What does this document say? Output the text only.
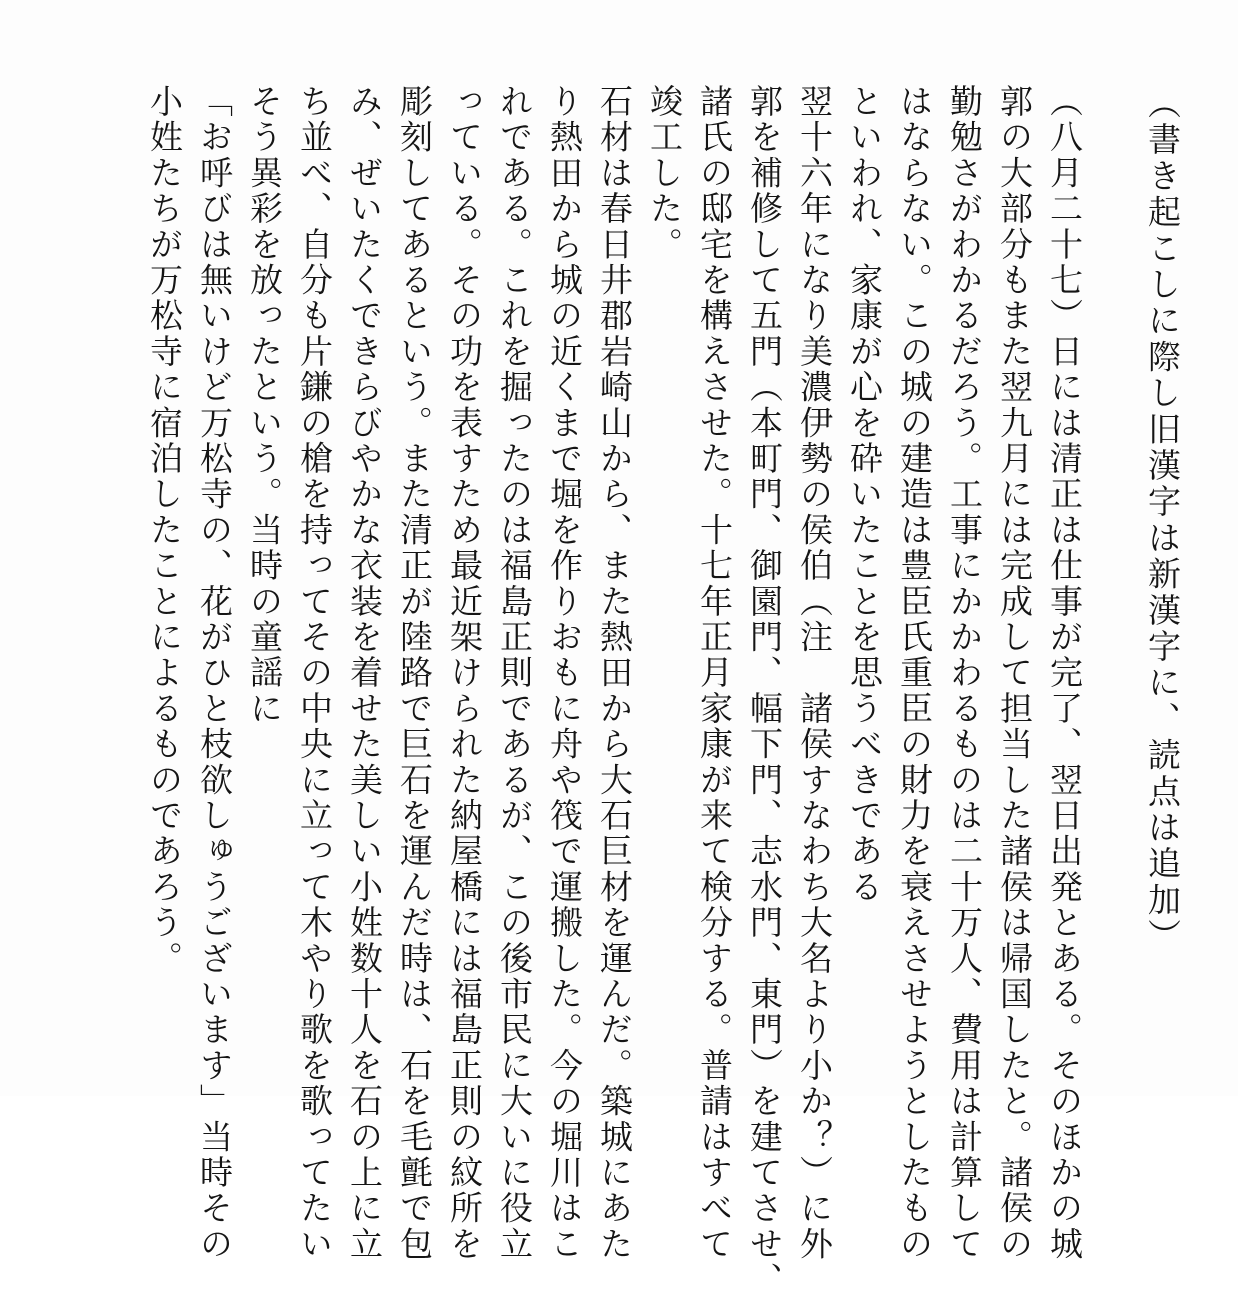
（書き起こしに際し旧漢字は新漢字に、読点は追加）
（八月二十七）日には清正は仕事が完了、翌日出発とある。そのほかの城
郭の大部分もまた翌九月には完成して担当した諸侯は帰国したと。諸侯の
勤勉さがわかるだろう。工事にかかわるものは二十万人、費用は計算して
はならない。この城の建造は豊臣氏重臣の財力を衰えさせようとしたもの
といわれ、家康が心を砕いたことを思うべきである
翌十六年になり美濃伊勢の侯伯（注　諸侯すなわち大名より小か？）に外
郭を補修して五門（本町門、御園門、幅下門、志水門、東門）を建てさせ、
諸氏の邸宅を構えさせた。十七年正月家康が来て検分する。普請はすべて
竣工した。
石材は春日井郡岩崎山から、また熱田から大石巨材を運んだ。築城にあた
り熱田から城の近くまで堀を作りおもに舟や筏で運搬した。今の堀川はこ
れである。これを掘ったのは福島正則であるが、この後市民に大いに役立
っている。その功を表すため最近架けられた納屋橋には福島正則の紋所を
彫刻してあるという。また清正が陸路で巨石を運んだ時は、石を毛氈で包
み、ぜいたくできらびやかな衣装を着せた美しい小姓数十人を石の上に立
ち並べ、自分も片鎌の槍を持ってその中央に立って木やり歌を歌ってたい
そう異彩を放ったという。当時の童謡に
「お呼びは無いけど万松寺の、花がひと枝欲しゅうございます」当時その
小姓たちが万松寺に宿泊したことによるものであろう。
